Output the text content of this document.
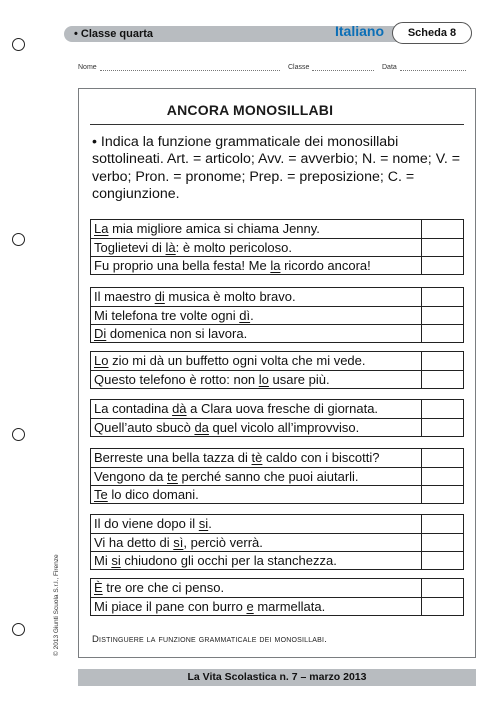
• Classe quarta	Italiano	Scheda 8
Nome	Classe	Data
ANCORA MONOSILLABI
• Indica la funzione grammaticale dei monosillabi sottolineati. Art. = articolo; Avv. = avverbio; N. = nome; V. = verbo; Pron. = pronome; Prep. = preposizione; C. = congiunzione.
La mia migliore amica si chiama Jenny.
Toglietevi di là: è molto pericoloso.
Fu proprio una bella festa! Me la ricordo ancora!
Il maestro di musica è molto bravo.
Mi telefona tre volte ogni dì.
Di domenica non si lavora.
Lo zio mi dà un buffetto ogni volta che mi vede.
Questo telefono è rotto: non lo usare più.
La contadina dà a Clara uova fresche di giornata.
Quell’auto sbucò da quel vicolo all’improvviso.
Berreste una bella tazza di tè caldo con i biscotti?
Vengono da te perché sanno che puoi aiutarli.
Te lo dico domani.
Il do viene dopo il si.
Vi ha detto di sì, perciò verrà.
Mi si chiudono gli occhi per la stanchezza.
È tre ore che ci penso.
Mi piace il pane con burro e marmellata.
Distinguere la funzione grammaticale dei monosillabi.
© 2013 Giunti Scuola S.r.l., Firenze
La Vita Scolastica n. 7 – marzo 2013
